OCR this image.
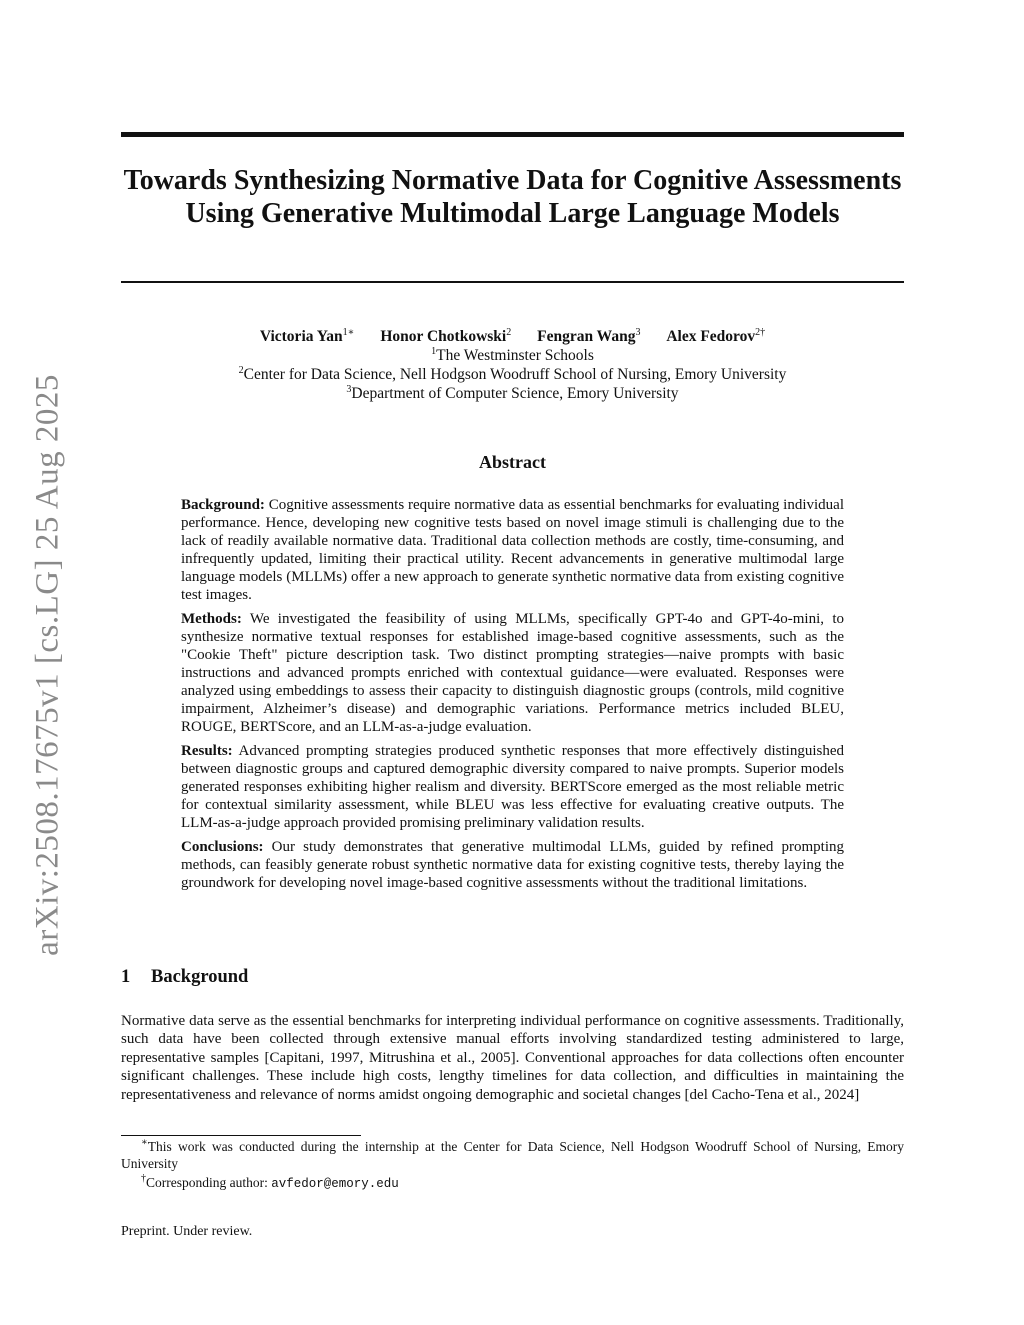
arXiv:2508.17675v1 [cs.LG] 25 Aug 2025
Towards Synthesizing Normative Data for Cognitive Assessments Using Generative Multimodal Large Language Models
Victoria Yan$^{1∗}$ Honor Chotkowski$^2$ Fengran Wang$^3$ Alex Fedorov$^{2\dagger}$
$^1$The Westminster Schools
$^2$Center for Data Science, Nell Hodgson Woodruff School of Nursing, Emory University
$^3$Department of Computer Science, Emory University
Abstract

Background: Cognitive assessments require normative data as essential benchmarks for evaluating individual performance. Hence, developing new cognitive tests based on novel image stimuli is challenging due to the lack of readily available normative data. Traditional data collection methods are costly, time-consuming, and infrequently updated, limiting their practical utility. Recent advancements in generative multimodal large language models (MLLMs) offer a new approach to generate synthetic normative data from existing cognitive test images.

Methods: We investigated the feasibility of using MLLMs, specifically GPT-4o and GPT-4o-mini, to synthesize normative textual responses for established image-based cognitive assessments, such as the "Cookie Theft" picture description task. Two distinct prompting strategies—naive prompts with basic instructions and advanced prompts enriched with contextual guidance—were evaluated. Responses were analyzed using embeddings to assess their capacity to distinguish diagnostic groups (controls, mild cognitive impairment, Alzheimer’s disease) and demographic variations. Performance metrics included BLEU, ROUGE, BERTScore, and an LLM-as-a-judge evaluation.

Results: Advanced prompting strategies produced synthetic responses that more effectively distinguished between diagnostic groups and captured demographic diversity compared to naive prompts. Superior models generated responses exhibiting higher realism and diversity. BERTScore emerged as the most reliable metric for contextual similarity assessment, while BLEU was less effective for evaluating creative outputs. The LLM-as-a-judge approach provided promising preliminary validation results.

Conclusions: Our study demonstrates that generative multimodal LLMs, guided by refined prompting methods, can feasibly generate robust synthetic normative data for existing cognitive tests, thereby laying the groundwork for developing novel image-based cognitive assessments without the traditional limitations.

1 Background

Normative data serve as the essential benchmarks for interpreting individual performance on cognitive assessments. Traditionally, such data have been collected through extensive manual efforts involving standardized testing administered to large, representative samples [Capitani, 1997, Mitrushina et al., 2005]. Conventional approaches for data collections often encounter significant challenges. These include high costs, lengthy timelines for data collection, and difficulties in maintaining the representativeness and relevance of norms amidst ongoing demographic and societal changes [del Cacho-Tena et al., 2024]

∗This work was conducted during the internship at the Center for Data Science, Nell Hodgson Woodruff School of Nursing, Emory University

†Corresponding author: avfedor@emory.edu

Preprint. Under review.
